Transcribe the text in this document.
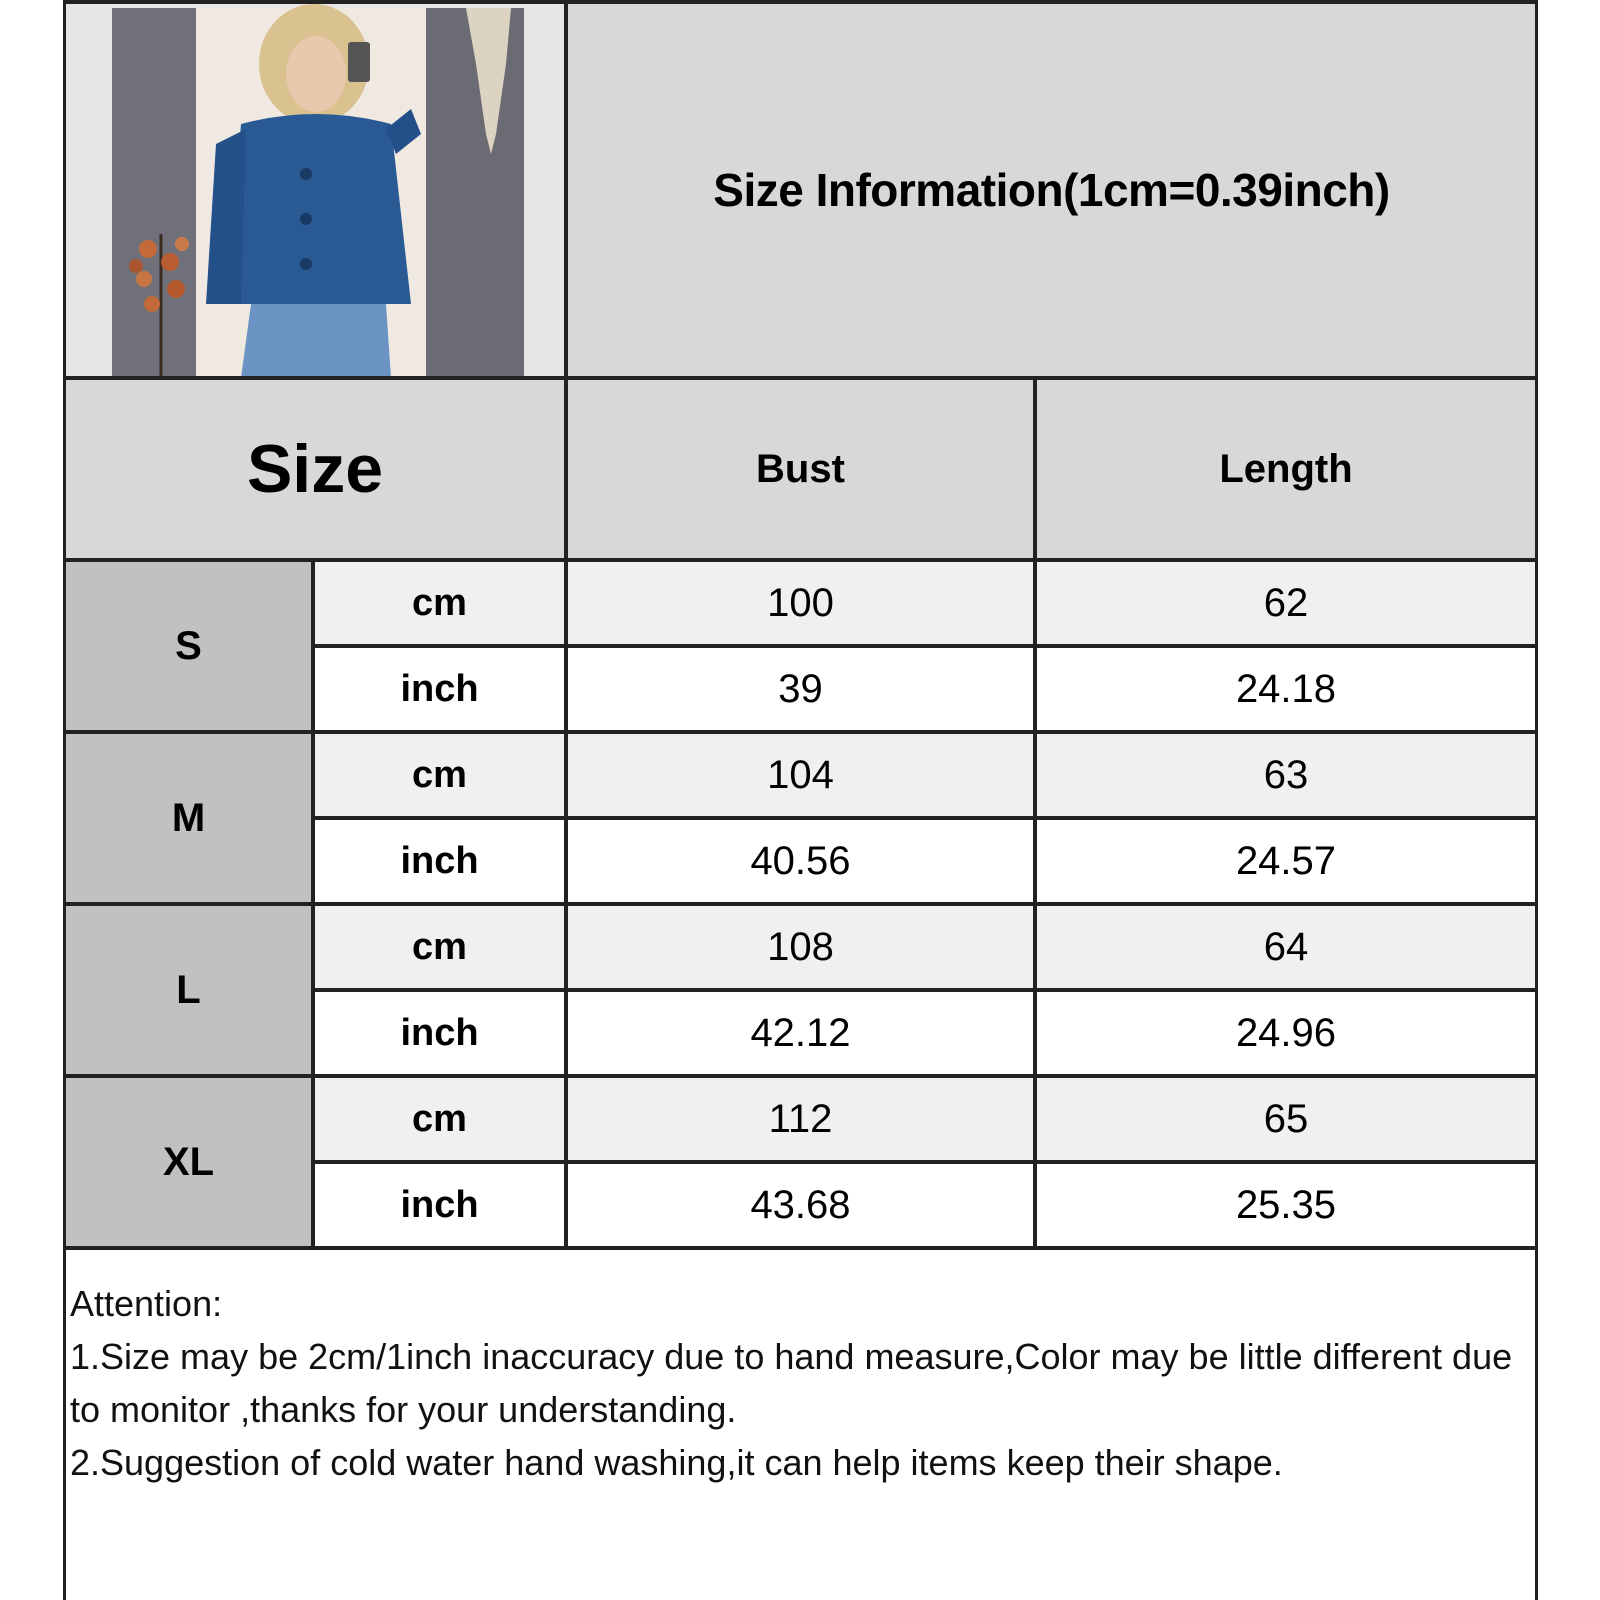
Size Information(1cm=0.39inch)
Size	Bust	Length
S
cm	100	62
inch	39	24.18
M
cm	104	63
inch	40.56	24.57
L
cm	108	64
inch	42.12	24.96
XL
cm	112	65
inch	43.68	25.35
Attention:
1.Size may be 2cm/1inch inaccuracy due to hand measure,Color may be little different due to monitor ,thanks for your understanding.
2.Suggestion of cold water hand washing,it can help items keep their shape.
